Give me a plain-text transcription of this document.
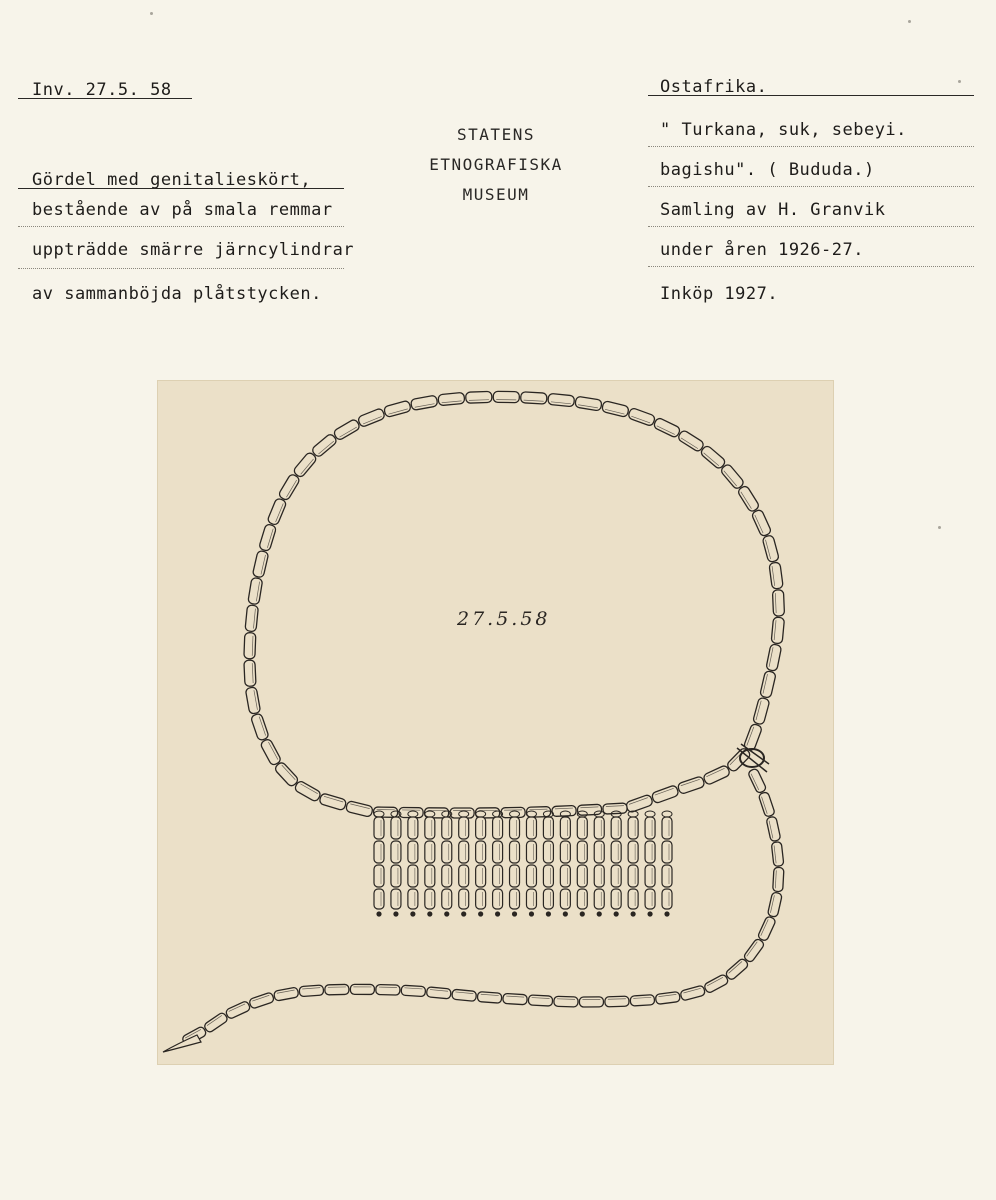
Inv. 27.5. 58
Gördel med genitalieskört,
bestående av på smala remmar
uppträdde smärre järncylindrar
av sammanböjda plåtstycken.
STATENS
ETNOGRAFISKA
MUSEUM
Ostafrika.
" Turkana, suk, sebeyi.
bagishu". ( Bududa.)
Samling av H. Granvik
under åren 1926-27.
Inköp 1927.
27.5.58
